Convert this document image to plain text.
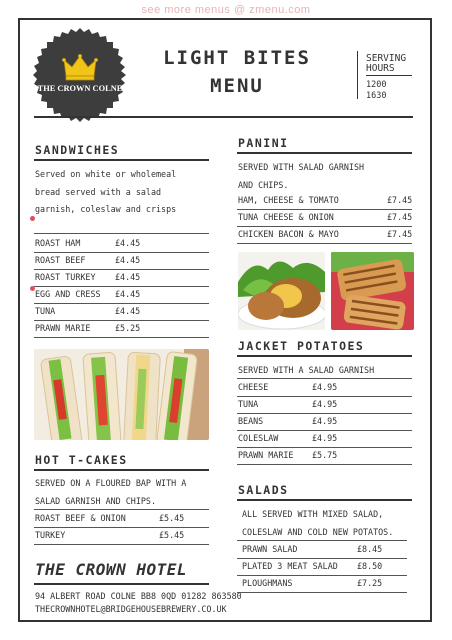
see more menus @ zmenu.com
THE CROWN COLNE
LIGHT BITES
MENU
SERVING
HOURS
1200
1630
SANDWICHES
Served on white or wholemeal
bread served with a salad
garnish, coleslaw and crisps
ROAST HAM	£4.45
ROAST BEEF	£4.45
ROAST TURKEY £4.45
EGG AND CRESS £4.45
TUNA	£4.45
PRAWN MARIE	£5.25
HOT T-CAKES
SERVED ON A FLOURED BAP WITH A
SALAD GARNISH AND CHIPS.
ROAST BEEF & ONION	£5.45
TURKEY	£5.45
THE CROWN HOTEL
94 ALBERT ROAD COLNE BB8 0QD 01282 863580
THECROWNHOTEL@BRIDGEHOUSEBREWERY.CO.UK
PANINI
SERVED WITH SALAD GARNISH
AND CHIPS.
HAM, CHEESE & TOMATO	£7.45
TUNA CHEESE & ONION	£7.45
CHICKEN BACON & MAYO	£7.45
JACKET POTATOES
SERVED WITH A SALAD GARNISH
CHEESE	£4.95
TUNA	£4.95
BEANS	£4.95
COLESLAW	£4.95
PRAWN MARIE £5.75
SALADS
ALL SERVED WITH MIXED SALAD,
COLESLAW AND COLD NEW POTATOS.
PRAWN SALAD	£8.45
PLATED 3 MEAT SALAD £8.50
PLOUGHMANS	£7.25
